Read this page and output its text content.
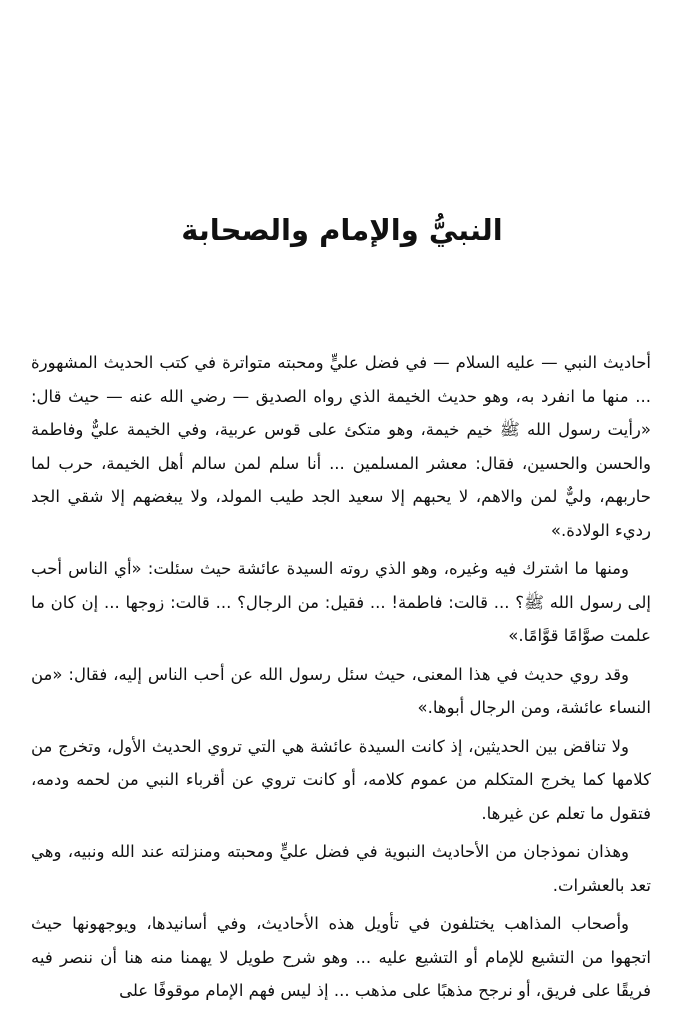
النبيُّ والإمام والصحابة

أحاديث النبي — عليه السلام — في فضل عليٍّ ومحبته متواترة في كتب الحديث المشهورة ... منها ما انفرد به، وهو حديث الخيمة الذي رواه الصديق — رضي الله عنه — حيث قال: «رأيت رسول الله ﷺ خيم خيمة، وهو متكئ على قوس عربية، وفي الخيمة عليٌّ وفاطمة والحسن والحسين، فقال: معشر المسلمين ... أنا سلم لمن سالم أهل الخيمة، حرب لما حاربهم، وليٌّ لمن والاهم، لا يحبهم إلا سعيد الجد طيب المولد، ولا يبغضهم إلا شقي الجد رديء الولادة.»

ومنها ما اشترك فيه وغيره، وهو الذي روته السيدة عائشة حيث سئلت: «أي الناس أحب إلى رسول الله ﷺ؟ ... قالت: فاطمة! ... فقيل: من الرجال؟ ... قالت: زوجها ... إن كان ما علمت صوَّامًا قوَّامًا.»

وقد روي حديث في هذا المعنى، حيث سئل رسول الله عن أحب الناس إليه، فقال: «من النساء عائشة، ومن الرجال أبوها.»

ولا تناقض بين الحديثين، إذ كانت السيدة عائشة هي التي تروي الحديث الأول، وتخرج من كلامها كما يخرج المتكلم من عموم كلامه، أو كانت تروي عن أقرباء النبي من لحمه ودمه، فتقول ما تعلم عن غيرها.

وهذان نموذجان من الأحاديث النبوية في فضل عليٍّ ومحبته ومنزلته عند الله ونبيه، وهي تعد بالعشرات.

وأصحاب المذاهب يختلفون في تأويل هذه الأحاديث، وفي أسانيدها، ويوجهونها حيث اتجهوا من التشيع للإمام أو التشيع عليه ... وهو شرح طويل لا يهمنا منه هنا أن ننصر فيه فريقًا على فريق، أو نرجح مذهبًا على مذهب ... إذ ليس فهم الإمام موقوفًا على
